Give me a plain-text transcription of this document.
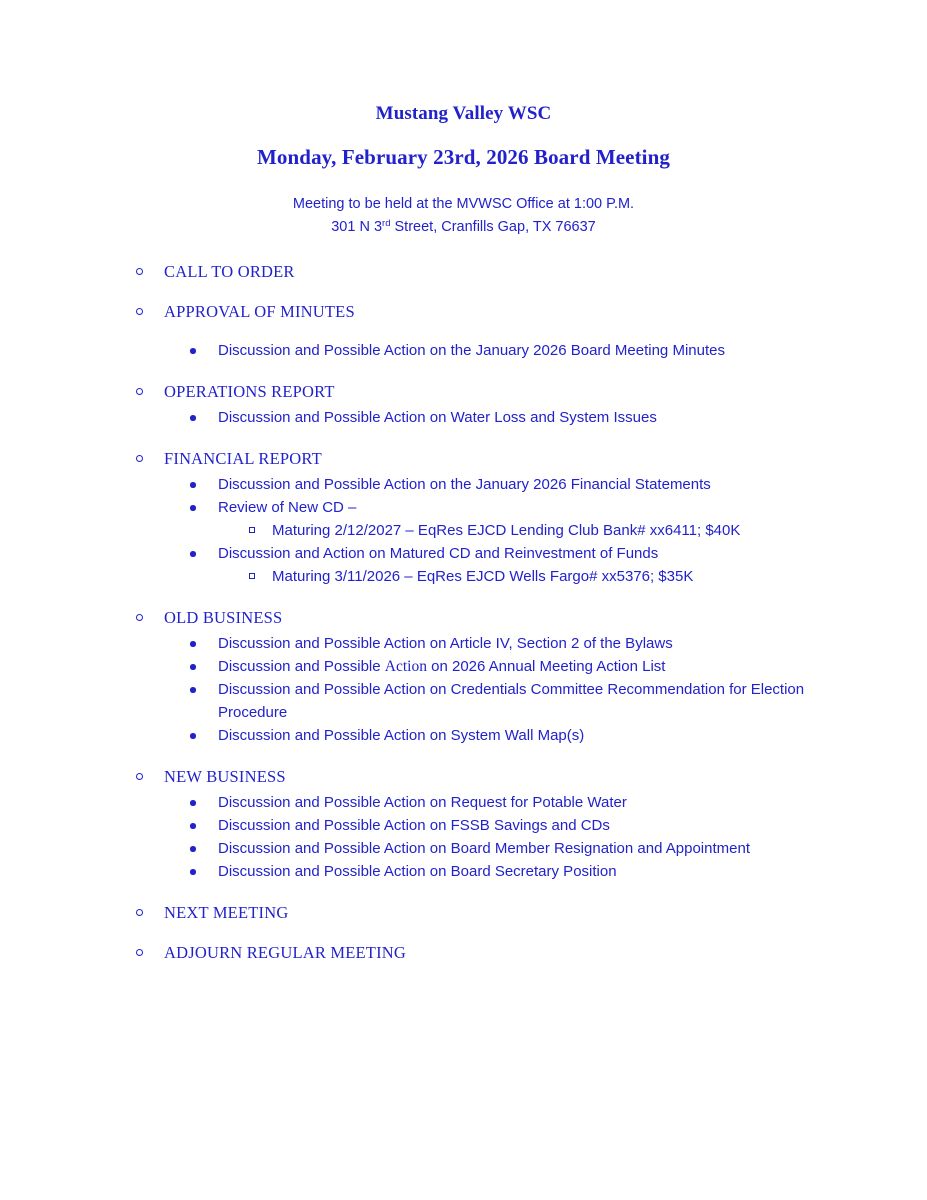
Mustang Valley WSC

Monday, February 23rd, 2026 Board Meeting

Meeting to be held at the MVWSC Office at 1:00 P.M.

301 N 3rd Street, Cranfills Gap, TX 76637

CALL TO ORDER
APPROVAL OF MINUTES
Discussion and Possible Action on the January 2026 Board Meeting Minutes
OPERATIONS REPORT
Discussion and Possible Action on Water Loss and System Issues
FINANCIAL REPORT
Discussion and Possible Action on the January 2026 Financial Statements
Review of New CD –
Maturing 2/12/2027 – EqRes EJCD Lending Club Bank# xx6411; $40K
Discussion and Action on Matured CD and Reinvestment of Funds
Maturing 3/11/2026 – EqRes EJCD Wells Fargo# xx5376; $35K
OLD BUSINESS
Discussion and Possible Action on Article IV, Section 2 of the Bylaws
Discussion and Possible Action on 2026 Annual Meeting Action List
Discussion and Possible Action on Credentials Committee Recommendation for Election Procedure
Discussion and Possible Action on System Wall Map(s)
NEW BUSINESS
Discussion and Possible Action on Request for Potable Water
Discussion and Possible Action on FSSB Savings and CDs
Discussion and Possible Action on Board Member Resignation and Appointment
Discussion and Possible Action on Board Secretary Position
NEXT MEETING
ADJOURN REGULAR MEETING
